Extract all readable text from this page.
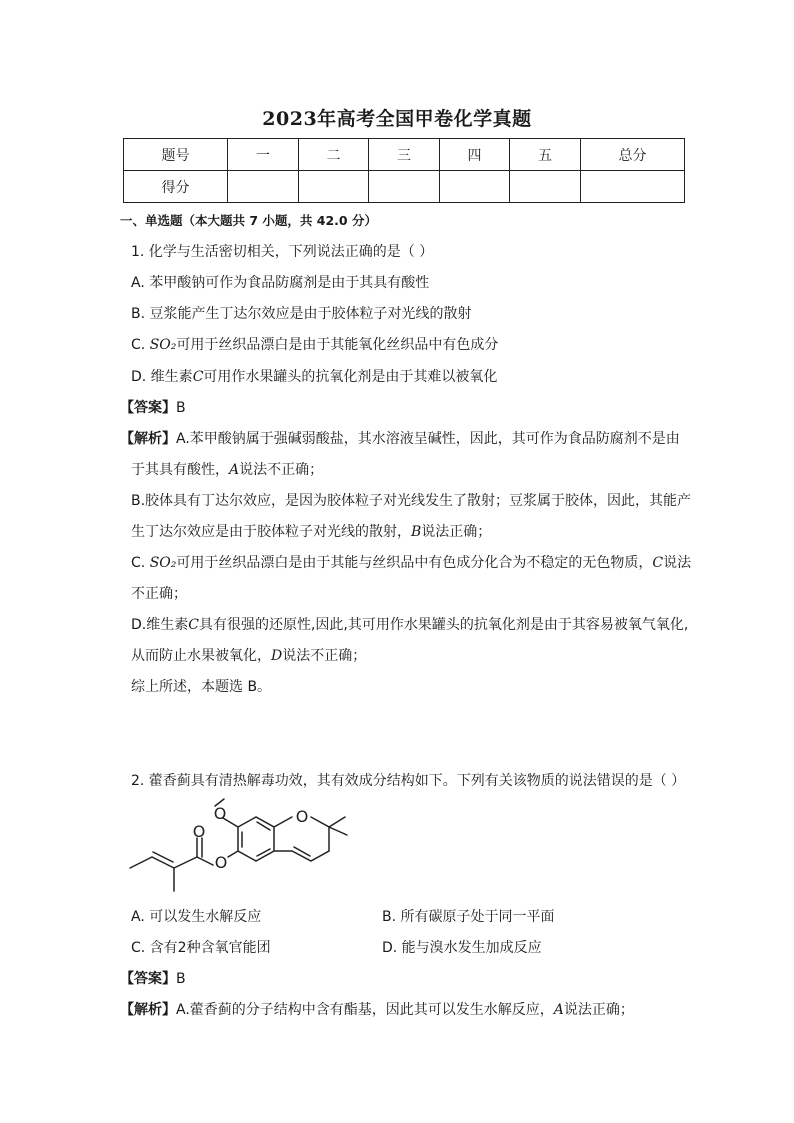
2023年高考全国甲卷化学真题
题号	一	二	三	四	五	总分
得分						
一、单选题（本大题共 7 小题，共 42.0 分）
1. 化学与生活密切相关，下列说法正确的是（ ）
A. 苯甲酸钠可作为食品防腐剂是由于其具有酸性
B. 豆浆能产生丁达尔效应是由于胶体粒子对光线的散射
C. SO₂可用于丝织品漂白是由于其能氧化丝织品中有色成分
D. 维生素C可用作水果罐头的抗氧化剂是由于其难以被氧化
【答案】B
【解析】A.苯甲酸钠属于强碱弱酸盐，其水溶液呈碱性，因此，其可作为食品防腐剂不是由
于其具有酸性，A说法不正确；
B.胶体具有丁达尔效应，是因为胶体粒子对光线发生了散射；豆浆属于胶体，因此，其能产
生丁达尔效应是由于胶体粒子对光线的散射，B说法正确；
C. SO₂可用于丝织品漂白是由于其能与丝织品中有色成分化合为不稳定的无色物质，C说法
不正确；
D.维生素C具有很强的还原性,因此,其可用作水果罐头的抗氧化剂是由于其容易被氧气氧化,
从而防止水果被氧化，D说法不正确；
综上所述，本题选 B。
2. 藿香蓟具有清热解毒功效，其有效成分结构如下。下列有关该物质的说法错误的是（ ）
O	O
O
O
A. 可以发生水解反应	B. 所有碳原子处于同一平面
C. 含有2种含氧官能团	D. 能与溴水发生加成反应
【答案】B
【解析】A.藿香蓟的分子结构中含有酯基，因此其可以发生水解反应，A说法正确；
